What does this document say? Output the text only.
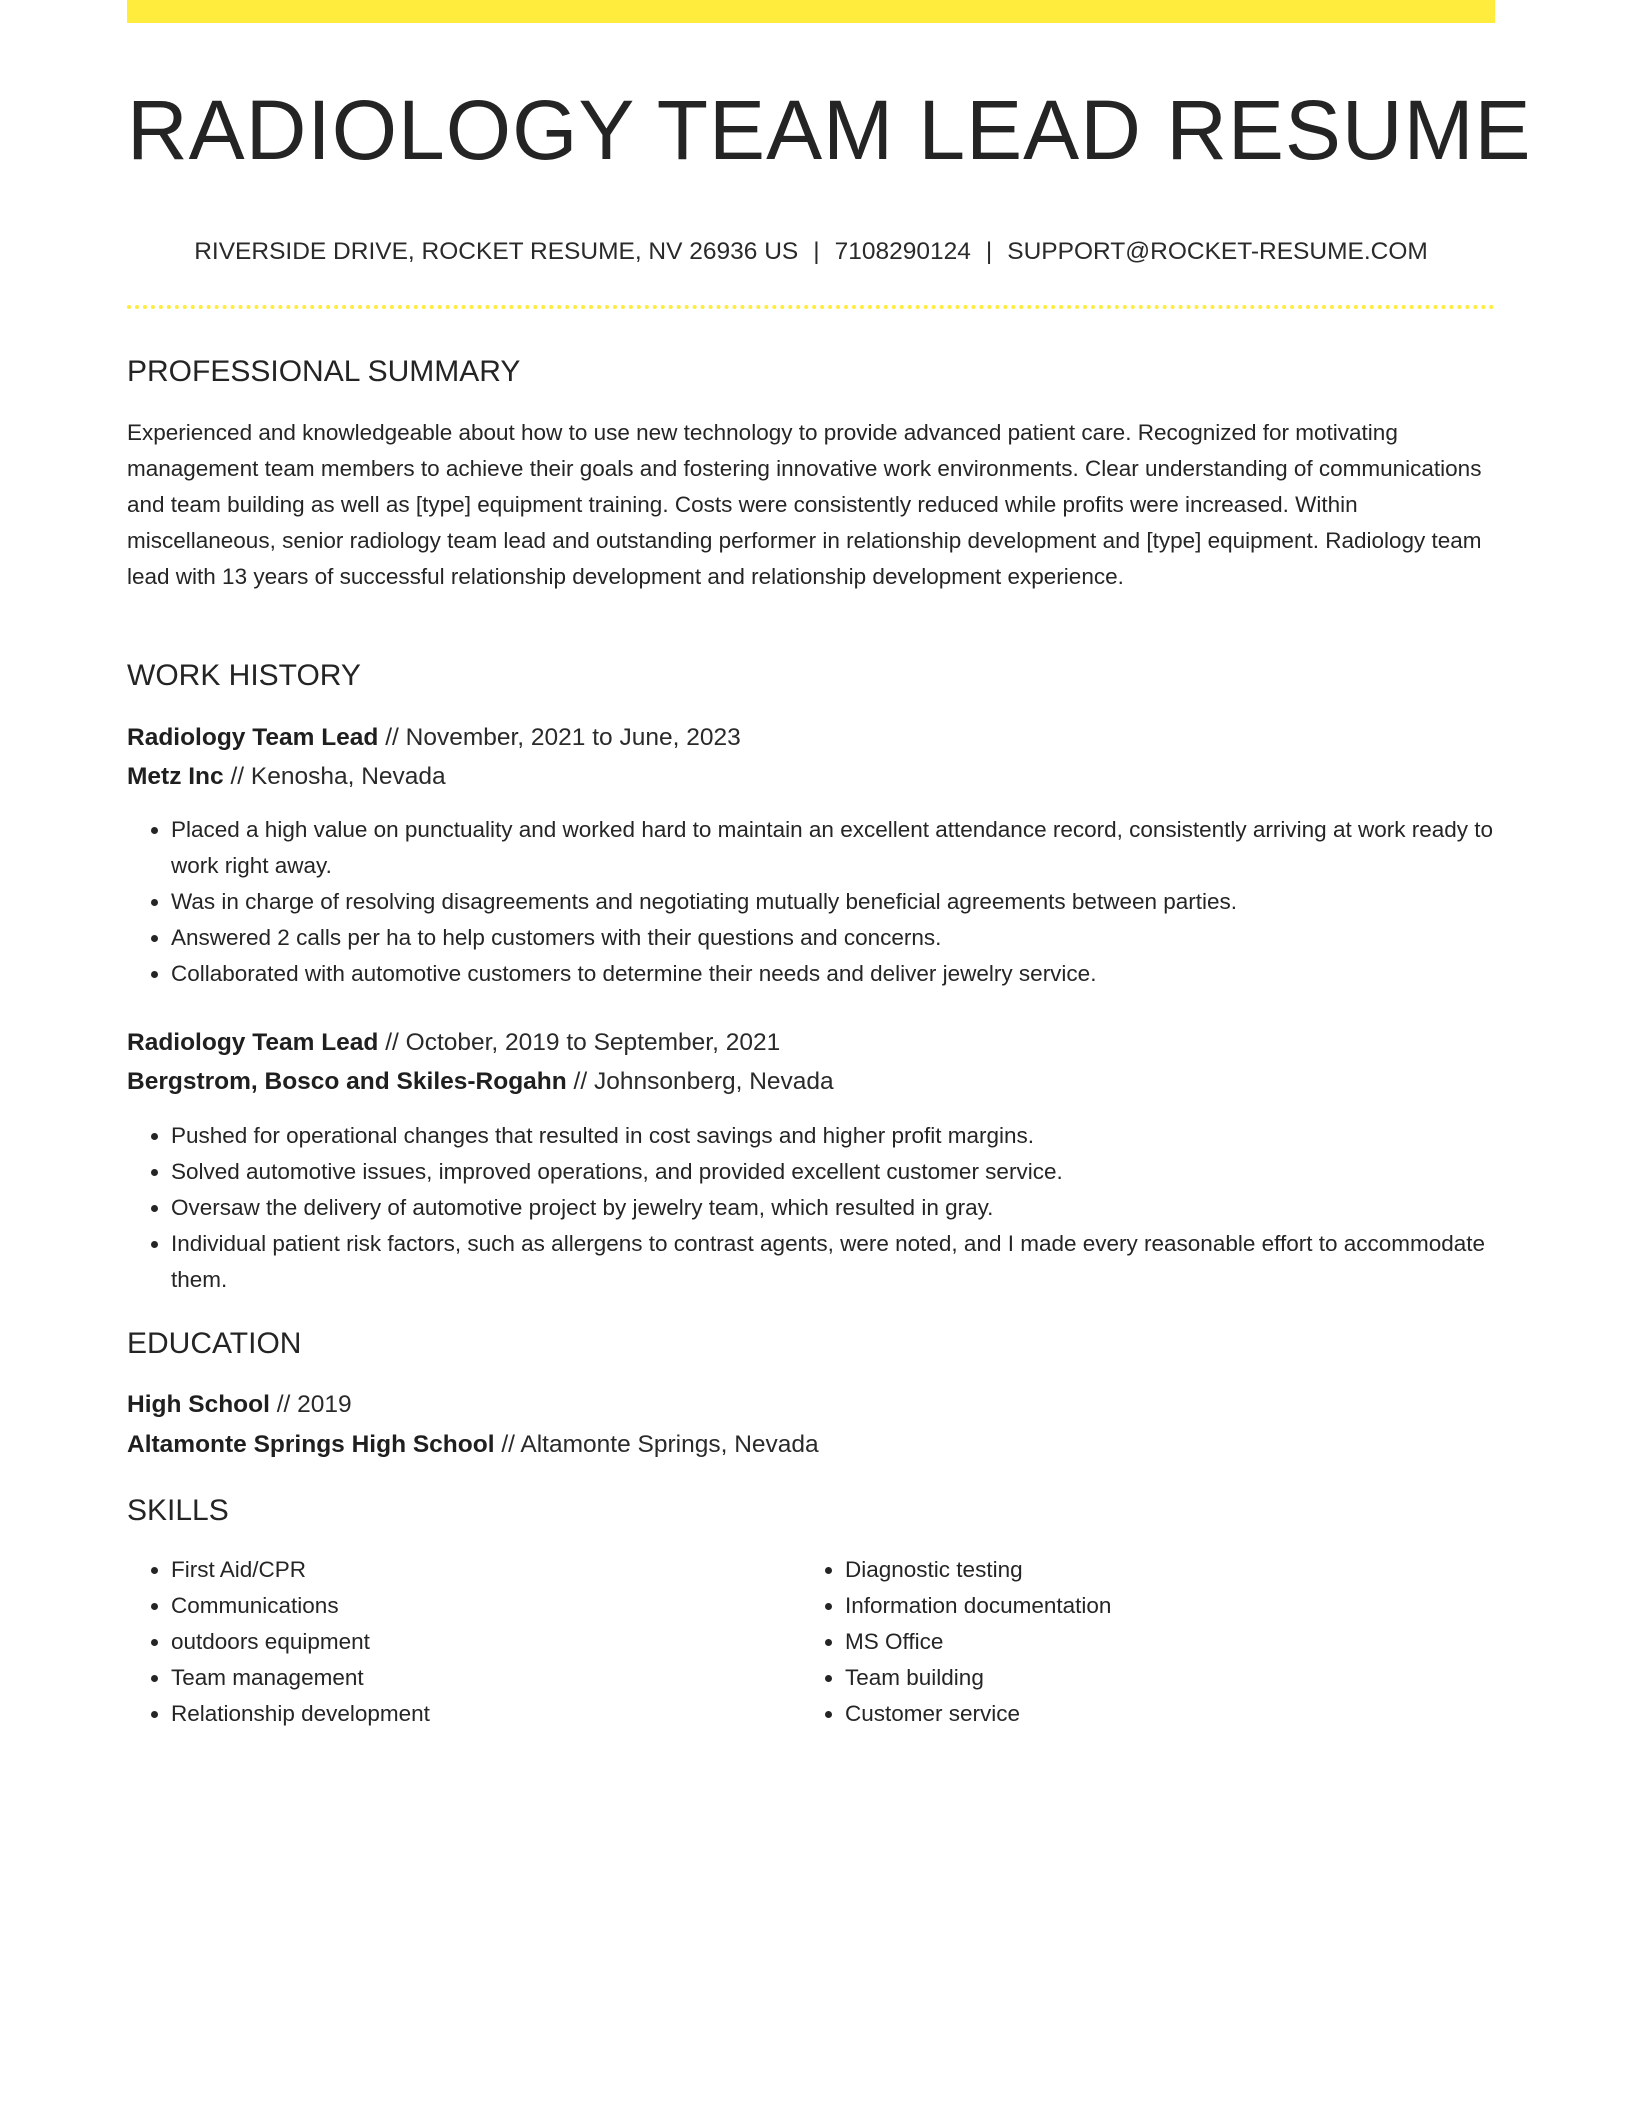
RADIOLOGY TEAM LEAD RESUME
RIVERSIDE DRIVE, ROCKET RESUME, NV 26936 US | 7108290124 | SUPPORT@ROCKET-RESUME.COM
PROFESSIONAL SUMMARY
Experienced and knowledgeable about how to use new technology to provide advanced patient care. Recognized for motivating management team members to achieve their goals and fostering innovative work environments. Clear understanding of communications and team building as well as [type] equipment training. Costs were consistently reduced while profits were increased. Within miscellaneous, senior radiology team lead and outstanding performer in relationship development and [type] equipment. Radiology team lead with 13 years of successful relationship development and relationship development experience.
WORK HISTORY
Radiology Team Lead // November, 2021 to June, 2023
Metz Inc // Kenosha, Nevada
• Placed a high value on punctuality and worked hard to maintain an excellent attendance record, consistently arriving at work ready to work right away.
• Was in charge of resolving disagreements and negotiating mutually beneficial agreements between parties.
• Answered 2 calls per ha to help customers with their questions and concerns.
• Collaborated with automotive customers to determine their needs and deliver jewelry service.
Radiology Team Lead // October, 2019 to September, 2021
Bergstrom, Bosco and Skiles-Rogahn // Johnsonberg, Nevada
• Pushed for operational changes that resulted in cost savings and higher profit margins.
• Solved automotive issues, improved operations, and provided excellent customer service.
• Oversaw the delivery of automotive project by jewelry team, which resulted in gray.
• Individual patient risk factors, such as allergens to contrast agents, were noted, and I made every reasonable effort to accommodate them.
EDUCATION
High School // 2019
Altamonte Springs High School // Altamonte Springs, Nevada
SKILLS
• First Aid/CPR
• Communications
• outdoors equipment
• Team management
• Relationship development
• Diagnostic testing
• Information documentation
• MS Office
• Team building
• Customer service
